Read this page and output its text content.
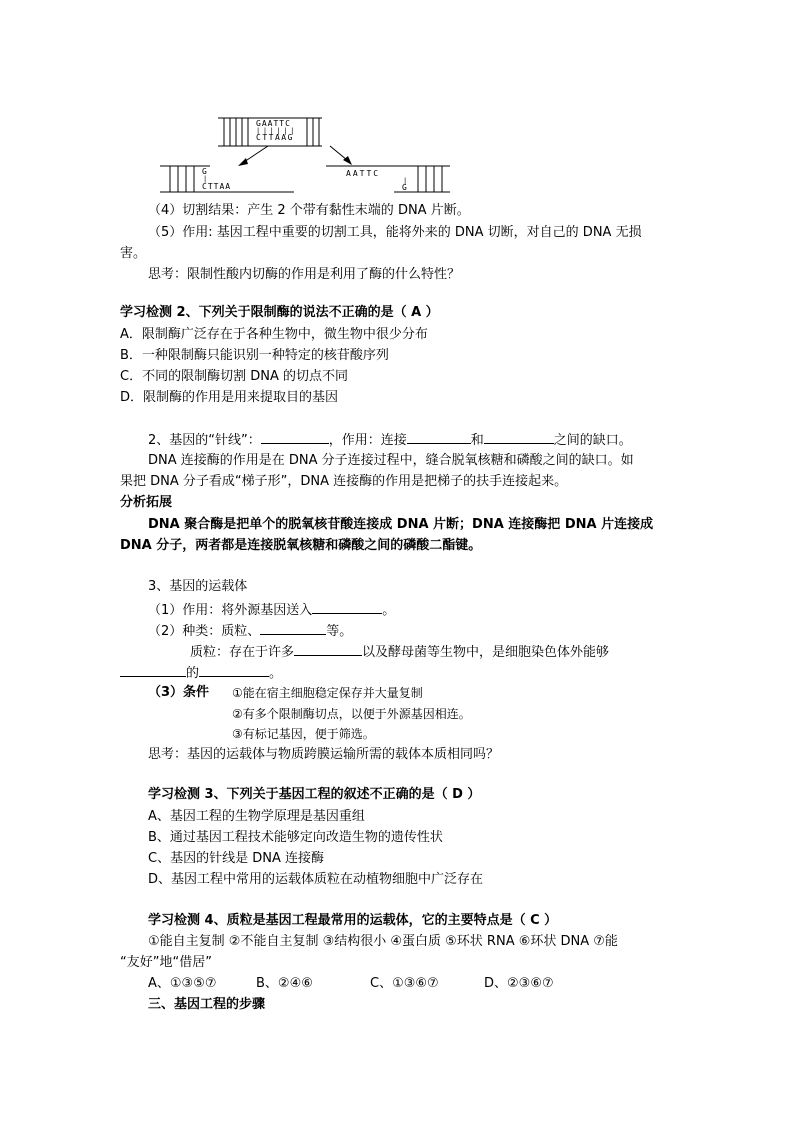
GAATTC
||||||
CTTAAG
G
|
CTTAA
AATTC
|
G
（4）切割结果：产生 2 个带有黏性末端的 DNA 片断。
（5）作用: 基因工程中重要的切割工具，能将外来的 DNA 切断，对自己的 DNA 无损
害。
思考：限制性酸内切酶的作用是利用了酶的什么特性？
学习检测 2、下列关于限制酶的说法不正确的是（ A ）
A．限制酶广泛存在于各种生物中，微生物中很少分布
B．一种限制酶只能识别一种特定的核苷酸序列
C．不同的限制酶切割 DNA 的切点不同
D．限制酶的作用是用来提取目的基因
2、基因的“针线”：	，作用：连接	和	之间的缺口。
DNA 连接酶的作用是在 DNA 分子连接过程中，缝合脱氧核糖和磷酸之间的缺口。如
果把 DNA 分子看成“梯子形”，DNA 连接酶的作用是把梯子的扶手连接起来。
分析拓展
DNA 聚合酶是把单个的脱氧核苷酸连接成 DNA 片断；DNA 连接酶把 DNA 片连接成
DNA 分子，两者都是连接脱氧核糖和磷酸之间的磷酸二酯键。
3、基因的运载体
（1）作用：将外源基因送入	。
（2）种类：质粒、	等。
质粒：存在于许多	以及酵母菌等生物中，是细胞染色体外能够
的	。
（3）条件 ①能在宿主细胞稳定保存并大量复制
②有多个限制酶切点，以便于外源基因相连。
③有标记基因，便于筛选。
思考：基因的运载体与物质跨膜运输所需的载体本质相同吗？
学习检测 3、下列关于基因工程的叙述不正确的是（ D ）
A、基因工程的生物学原理是基因重组
B、通过基因工程技术能够定向改造生物的遗传性状
C、基因的针线是 DNA 连接酶
D、基因工程中常用的运载体质粒在动植物细胞中广泛存在
学习检测 4、质粒是基因工程最常用的运载体，它的主要特点是（ C ）
①能自主复制 ②不能自主复制 ③结构很小 ④蛋白质 ⑤环状 RNA ⑥环状 DNA ⑦能
“友好”地“借居”
A、①③⑤⑦	B、②④⑥	C、①③⑥⑦	D、②③⑥⑦
三、基因工程的步骤
